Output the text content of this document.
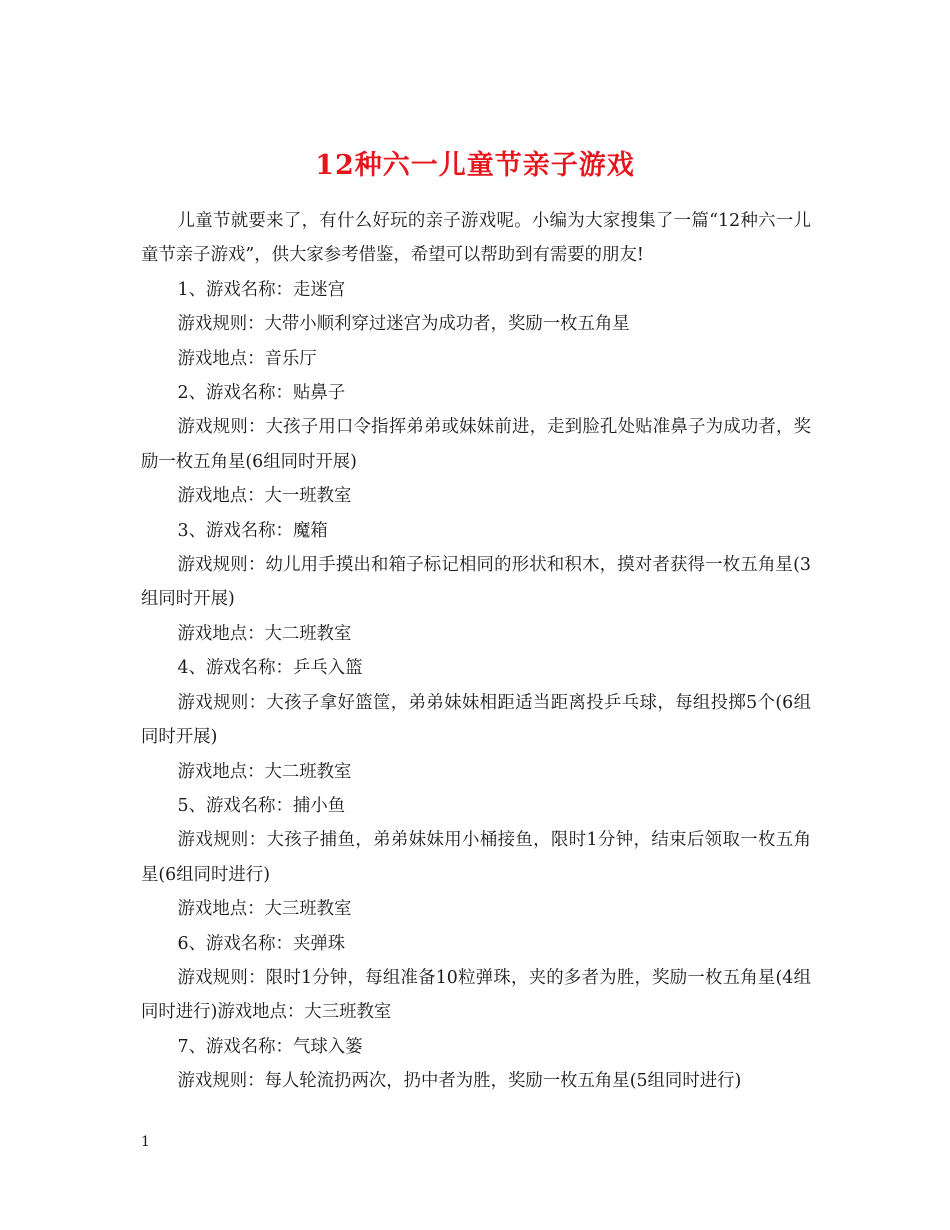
12种六一儿童节亲子游戏

儿童节就要来了，有什么好玩的亲子游戏呢。小编为大家搜集了一篇“12种六一儿童节亲子游戏”，供大家参考借鉴，希望可以帮助到有需要的朋友!

1、游戏名称：走迷宫

游戏规则：大带小顺利穿过迷宫为成功者，奖励一枚五角星

游戏地点：音乐厅

2、游戏名称：贴鼻子

游戏规则：大孩子用口令指挥弟弟或妹妹前进，走到脸孔处贴准鼻子为成功者，奖励一枚五角星(6组同时开展)

游戏地点：大一班教室

3、游戏名称：魔箱

游戏规则：幼儿用手摸出和箱子标记相同的形状和积木，摸对者获得一枚五角星(3组同时开展)

游戏地点：大二班教室

4、游戏名称：乒乓入篮

游戏规则：大孩子拿好篮筐，弟弟妹妹相距适当距离投乒乓球，每组投掷5个(6组同时开展)

游戏地点：大二班教室

5、游戏名称：捕小鱼

游戏规则：大孩子捕鱼，弟弟妹妹用小桶接鱼，限时1分钟，结束后领取一枚五角星(6组同时进行)

游戏地点：大三班教室

6、游戏名称：夹弹珠

游戏规则：限时1分钟，每组准备10粒弹珠，夹的多者为胜，奖励一枚五角星(4组同时进行)游戏地点：大三班教室

7、游戏名称：气球入篓

游戏规则：每人轮流扔两次，扔中者为胜，奖励一枚五角星(5组同时进行)

1
